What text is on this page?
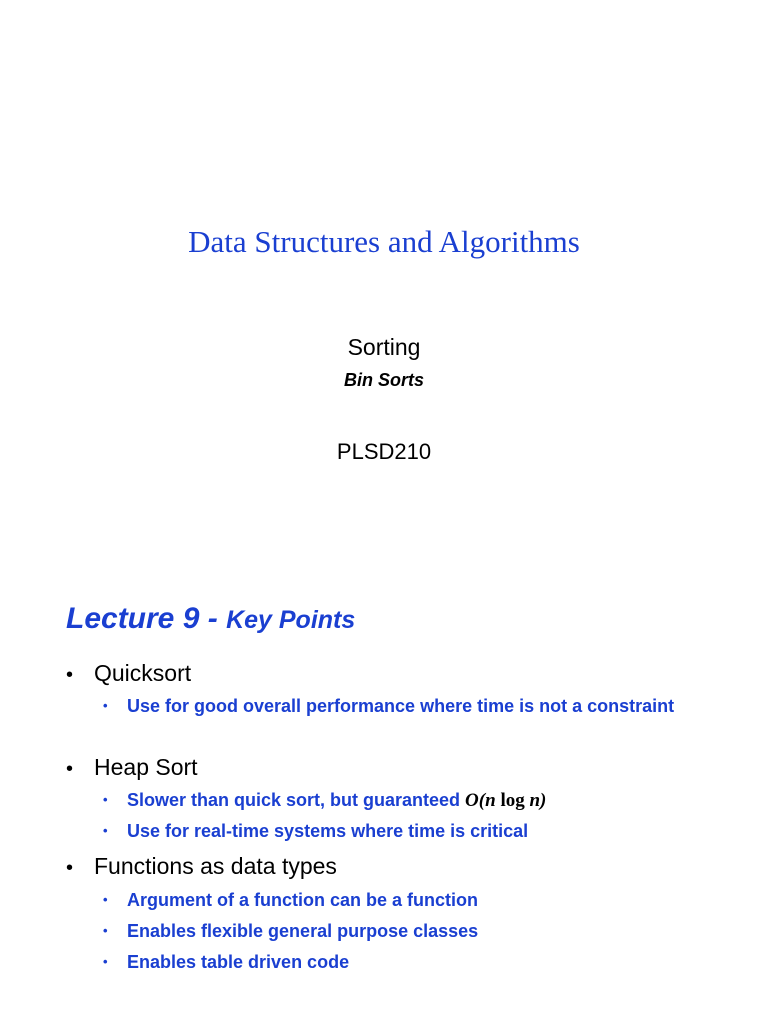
Data Structures and Algorithms
Sorting
Bin Sorts
PLSD210
Lecture 9 - Key Points
• Quicksort
•	Use for good overall performance where time is not a constraint
• Heap Sort
•	Slower than quick sort, but guaranteed O(n log n)
•	Use for real-time systems where time is critical
• Functions as data types
•	Argument of a function can be a function
•	Enables flexible general purpose classes
•	Enables table driven code
